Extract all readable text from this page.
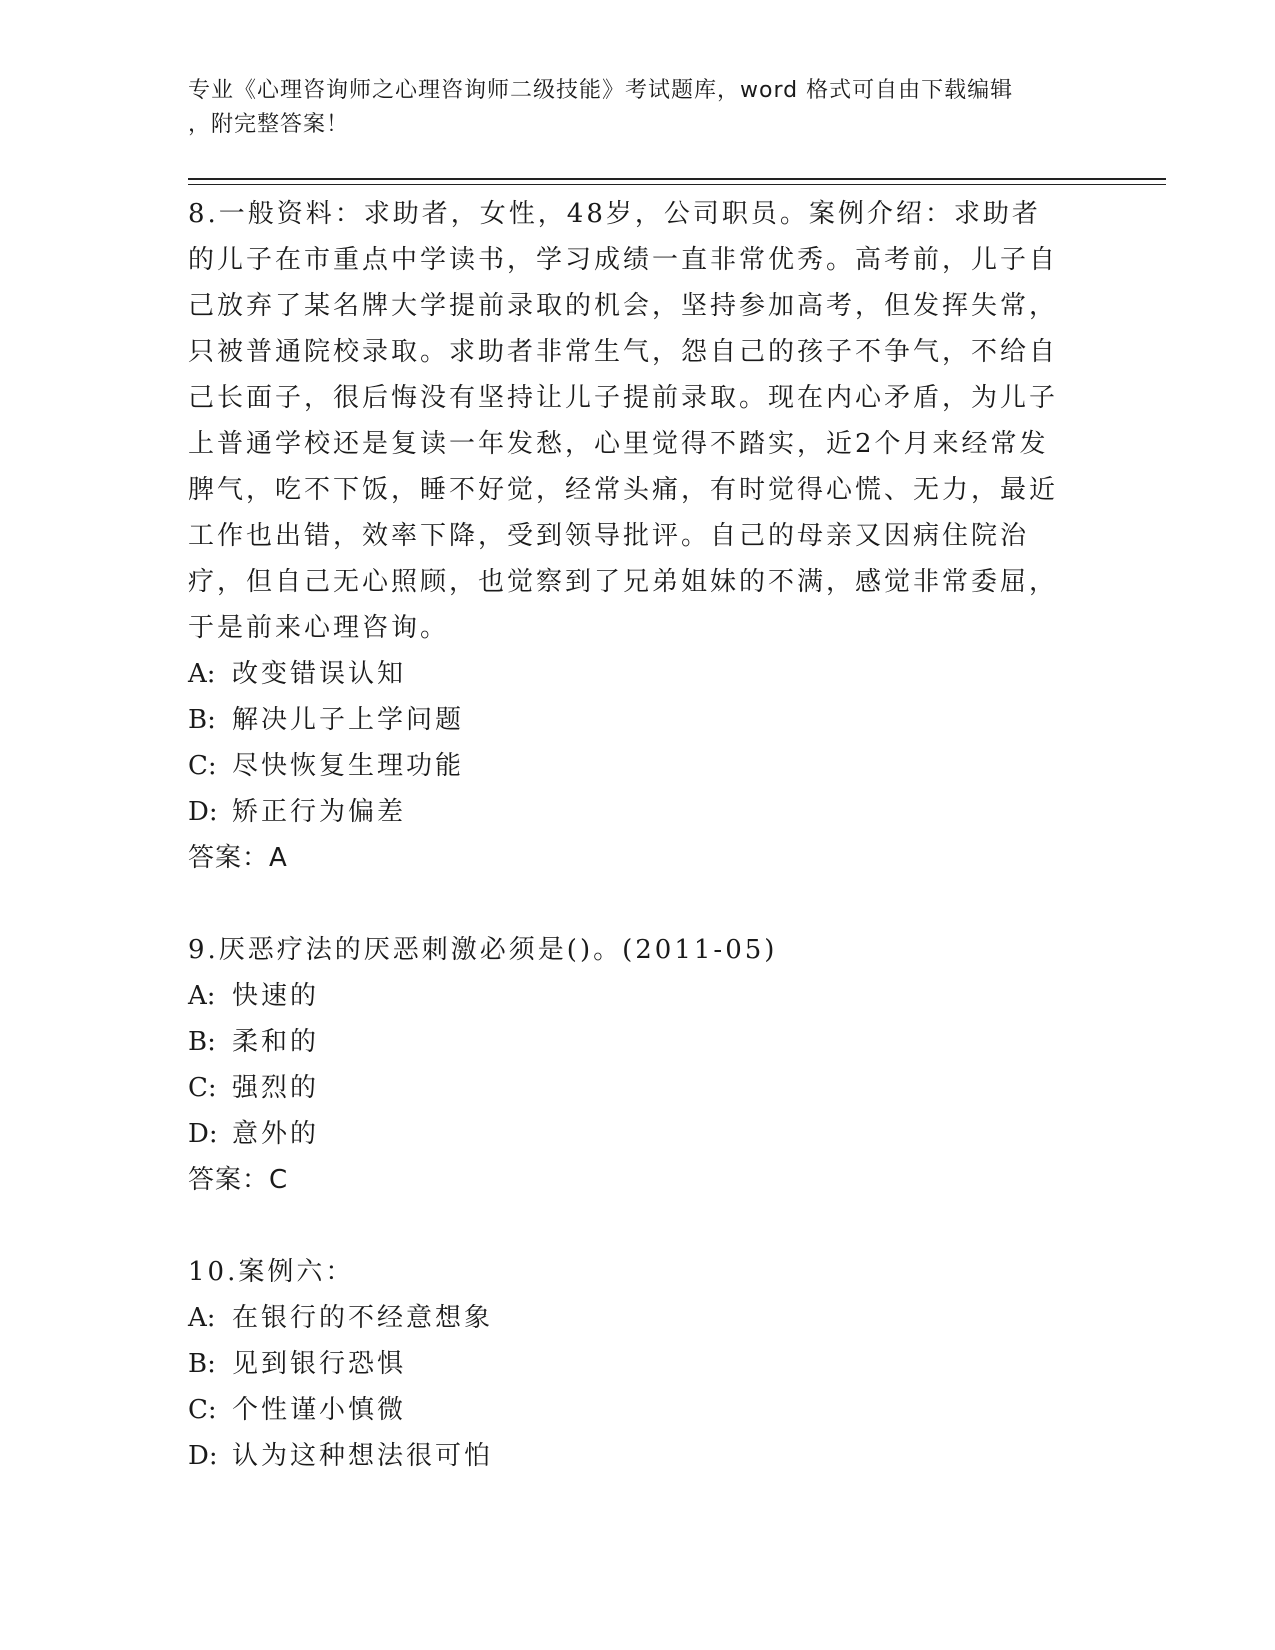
专业《心理咨询师之心理咨询师二级技能》考试题库，word 格式可自由下载编辑
，附完整答案！
8.一般资料：求助者，女性，48岁，公司职员。案例介绍：求助者的儿子在市重点中学读书，学习成绩一直非常优秀。高考前，儿子自己放弃了某名牌大学提前录取的机会，坚持参加高考，但发挥失常，只被普通院校录取。求助者非常生气，怨自己的孩子不争气，不给自己长面子，很后悔没有坚持让儿子提前录取。现在内心矛盾，为儿子上普通学校还是复读一年发愁，心里觉得不踏实，近2个月来经常发脾气，吃不下饭，睡不好觉，经常头痛，有时觉得心慌、无力，最近工作也出错，效率下降，受到领导批评。自己的母亲又因病住院治疗，但自己无心照顾，也觉察到了兄弟姐妹的不满，感觉非常委屈，于是前来心理咨询。
A: 改变错误认知
B: 解决儿子上学问题
C: 尽快恢复生理功能
D: 矫正行为偏差
答案：A
9.厌恶疗法的厌恶刺激必须是()。(2011-05)
A: 快速的
B: 柔和的
C: 强烈的
D: 意外的
答案：C
10.案例六：
A: 在银行的不经意想象
B: 见到银行恐惧
C: 个性谨小慎微
D: 认为这种想法很可怕
